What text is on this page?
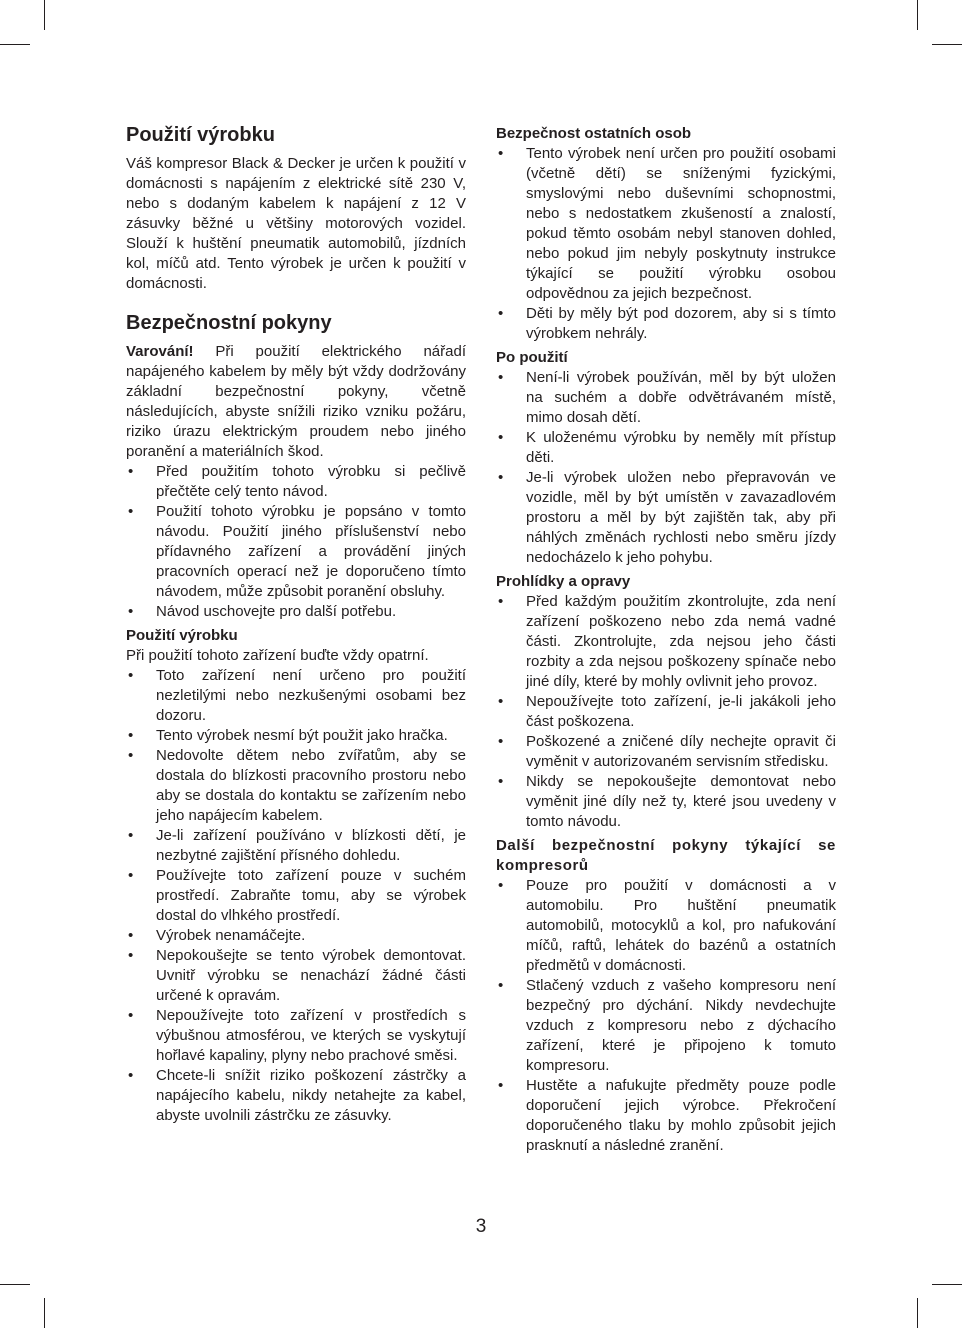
Použití výrobku

Váš kompresor Black & Decker je určen k použití v domácnosti s napájením z elektrické sítě 230 V, nebo s dodaným kabelem k napájení z 12 V zásuvky běžné u většiny motorových vozidel. Slouží k huštění pneumatik automobilů, jízdních kol, míčů atd. Tento výrobek je určen k použití v domácnosti.

Bezpečnostní pokyny

Varování! Při použití elektrického nářadí napájeného kabelem by měly být vždy dodržovány základní bezpečnostní pokyny, včetně následujících, abyste snížili riziko vzniku požáru, riziko úrazu elektrickým proudem nebo jiného poranění a materiálních škod.

• Před použitím tohoto výrobku si pečlivě přečtěte celý tento návod.
• Použití tohoto výrobku je popsáno v tomto návodu. Použití jiného příslušenství nebo přídavného zařízení a provádění jiných pracovních operací než je doporučeno tímto návodem, může způsobit poranění obsluhy.
• Návod uschovejte pro další potřebu.
Použití výrobku

Při použití tohoto zařízení buďte vždy opatrní.

• Toto zařízení není určeno pro použití nezletilými nebo nezkušenými osobami bez dozoru.
• Tento výrobek nesmí být použit jako hračka.
• Nedovolte dětem nebo zvířatům, aby se dostala do blízkosti pracovního prostoru nebo aby se dostala do kontaktu se zařízením nebo jeho napájecím kabelem.
• Je-li zařízení používáno v blízkosti dětí, je nezbytné zajištění přísného dohledu.
• Používejte toto zařízení pouze v suchém prostředí. Zabraňte tomu, aby se výrobek dostal do vlhkého prostředí.
• Výrobek nenamáčejte.
• Nepokoušejte se tento výrobek demontovat. Uvnitř výrobku se nenachází žádné části určené k opravám.
• Nepoužívejte toto zařízení v prostředích s výbušnou atmosférou, ve kterých se vyskytují hořlavé kapaliny, plyny nebo prachové směsi.
• Chcete-li snížit riziko poškození zástrčky a napájecího kabelu, nikdy netahejte za kabel, abyste uvolnili zástrčku ze zásuvky.
Bezpečnost ostatních osob
• Tento výrobek není určen pro použití osobami (včetně dětí) se sníženými fyzickými, smyslovými nebo duševními schopnostmi, nebo s nedostatkem zkušeností a znalostí, pokud těmto osobám nebyl stanoven dohled, nebo pokud jim nebyly poskytnuty instrukce týkající se použití výrobku osobou odpovědnou za jejich bezpečnost.
• Děti by měly být pod dozorem, aby si s tímto výrobkem nehrály.
Po použití
• Není-li výrobek používán, měl by být uložen na suchém a dobře odvětrávaném místě, mimo dosah dětí.
• K uloženému výrobku by neměly mít přístup děti.
• Je-li výrobek uložen nebo přepravován ve vozidle, měl by být umístěn v zavazadlovém prostoru a měl by být zajištěn tak, aby při náhlých změnách rychlosti nebo směru jízdy nedocházelo k jeho pohybu.
Prohlídky a opravy
• Před každým použitím zkontrolujte, zda není zařízení poškozeno nebo zda nemá vadné části. Zkontrolujte, zda nejsou jeho části rozbity a zda nejsou poškozeny spínače nebo jiné díly, které by mohly ovlivnit jeho provoz.
• Nepoužívejte toto zařízení, je-li jakákoli jeho část poškozena.
• Poškozené a zničené díly nechejte opravit či vyměnit v autorizovaném servisním středisku.
• Nikdy se nepokoušejte demontovat nebo vyměnit jiné díly než ty, které jsou uvedeny v tomto návodu.
Další bezpečnostní pokyny týkající se kompresorů
• Pouze pro použití v domácnosti a v automobilu. Pro huštění pneumatik automobilů, motocyklů a kol, pro nafukování míčů, raftů, lehátek do bazénů a ostatních předmětů v domácnosti.
• Stlačený vzduch z vašeho kompresoru není bezpečný pro dýchání. Nikdy nevdechujte vzduch z kompresoru nebo z dýchacího zařízení, které je připojeno k tomuto kompresoru.
• Hustěte a nafukujte předměty pouze podle doporučení jejich výrobce. Překročení doporučeného tlaku by mohlo způsobit jejich prasknutí a následné zranění.
3
